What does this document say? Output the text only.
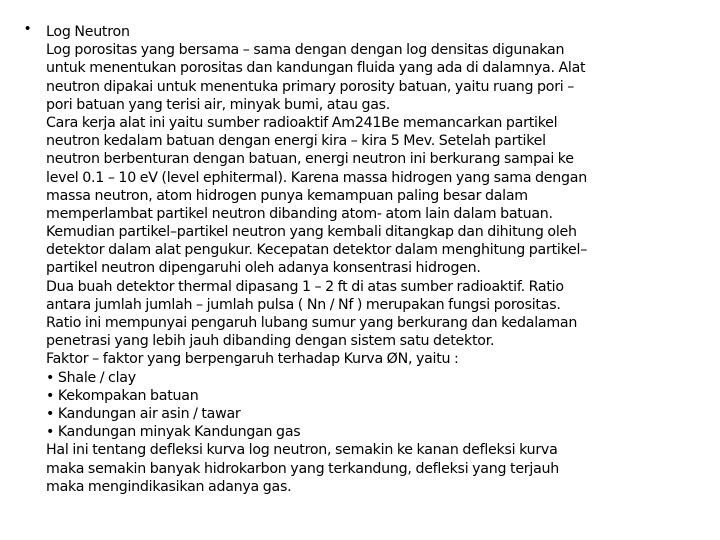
• Log Neutron
Log porositas yang bersama – sama dengan dengan log densitas digunakan
untuk menentukan porositas dan kandungan fluida yang ada di dalamnya. Alat
neutron dipakai untuk menentuka primary porosity batuan, yaitu ruang pori –
pori batuan yang terisi air, minyak bumi, atau gas.
Cara kerja alat ini yaitu sumber radioaktif Am241Be memancarkan partikel
neutron kedalam batuan dengan energi kira – kira 5 Mev. Setelah partikel
neutron berbenturan dengan batuan, energi neutron ini berkurang sampai ke
level 0.1 – 10 eV (level ephitermal). Karena massa hidrogen yang sama dengan
massa neutron, atom hidrogen punya kemampuan paling besar dalam
memperlambat partikel neutron dibanding atom- atom lain dalam batuan.
Kemudian partikel–partikel neutron yang kembali ditangkap dan dihitung oleh
detektor dalam alat pengukur. Kecepatan detektor dalam menghitung partikel–
partikel neutron dipengaruhi oleh adanya konsentrasi hidrogen.
Dua buah detektor thermal dipasang 1 – 2 ft di atas sumber radioaktif. Ratio
antara jumlah jumlah – jumlah pulsa ( Nn / Nf ) merupakan fungsi porositas.
Ratio ini mempunyai pengaruh lubang sumur yang berkurang dan kedalaman
penetrasi yang lebih jauh dibanding dengan sistem satu detektor.
Faktor – faktor yang berpengaruh terhadap Kurva ØN, yaitu :
• Shale / clay
• Kekompakan batuan
• Kandungan air asin / tawar
• Kandungan minyak Kandungan gas
Hal ini tentang defleksi kurva log neutron, semakin ke kanan defleksi kurva
maka semakin banyak hidrokarbon yang terkandung, defleksi yang terjauh
maka mengindikasikan adanya gas.
